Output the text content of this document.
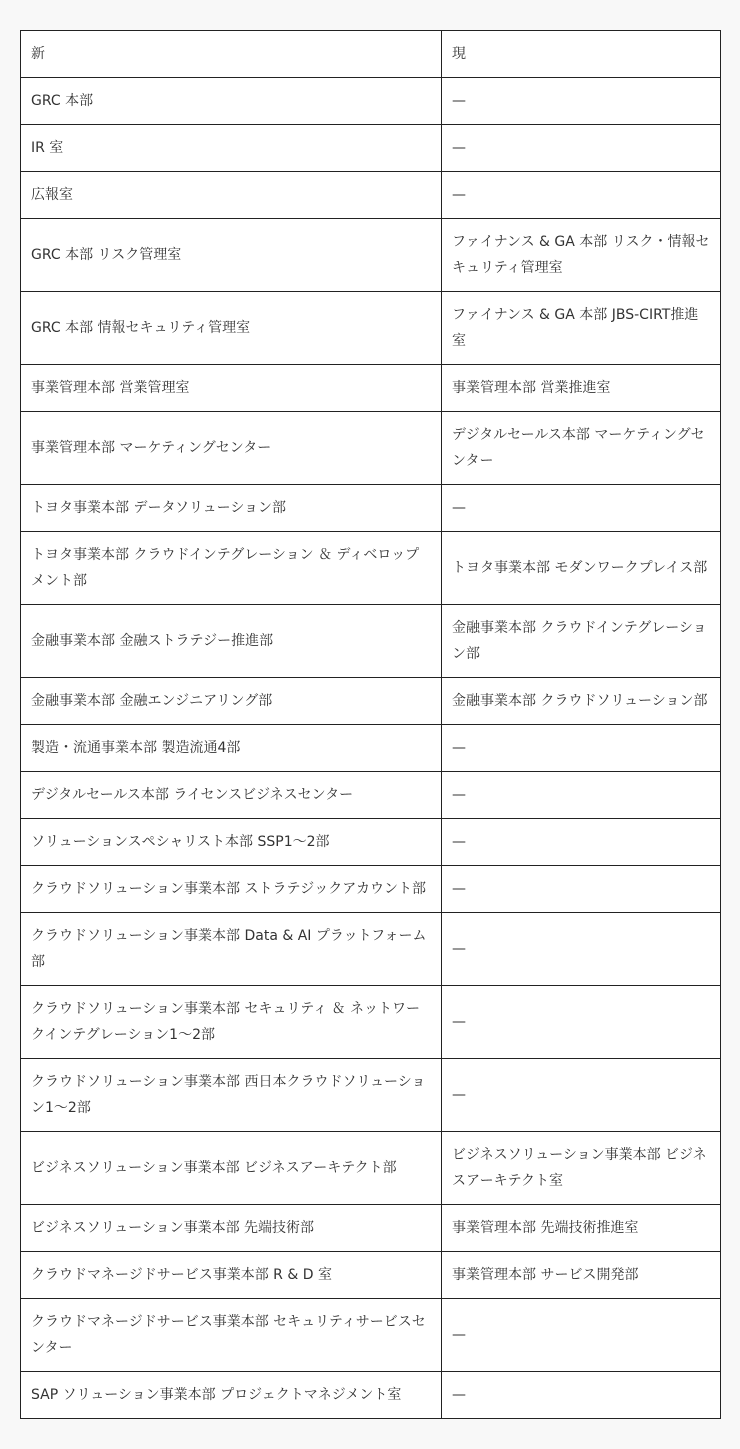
新	現
GRC 本部	—
IR 室	—
広報室	—
GRC 本部 リスク管理室	ファイナンス & GA 本部 リスク・情報セキュリティ管理室
GRC 本部 情報セキュリティ管理室	ファイナンス & GA 本部 JBS-CIRT推進室
事業管理本部 営業管理室	事業管理本部 営業推進室
事業管理本部 マーケティングセンター	デジタルセールス本部 マーケティングセンター
トヨタ事業本部 データソリューション部	—
トヨタ事業本部 クラウドインテグレーション ＆ ディベロップメント部	トヨタ事業本部 モダンワークプレイス部
金融事業本部 金融ストラテジー推進部	金融事業本部 クラウドインテグレーション部
金融事業本部 金融エンジニアリング部	金融事業本部 クラウドソリューション部
製造・流通事業本部 製造流通4部	—
デジタルセールス本部 ライセンスビジネスセンター	—
ソリューションスペシャリスト本部 SSP1～2部	—
クラウドソリューション事業本部 ストラテジックアカウント部	—
クラウドソリューション事業本部 Data & AI プラットフォーム部	—
クラウドソリューション事業本部 セキュリティ ＆ ネットワークインテグレーション1～2部	—
クラウドソリューション事業本部 西日本クラウドソリューション1～2部	—
ビジネスソリューション事業本部 ビジネスアーキテクト部	ビジネスソリューション事業本部 ビジネスアーキテクト室
ビジネスソリューション事業本部 先端技術部	事業管理本部 先端技術推進室
クラウドマネージドサービス事業本部 R & D 室	事業管理本部 サービス開発部
クラウドマネージドサービス事業本部 セキュリティサービスセンター	—
SAP ソリューション事業本部 プロジェクトマネジメント室	—
